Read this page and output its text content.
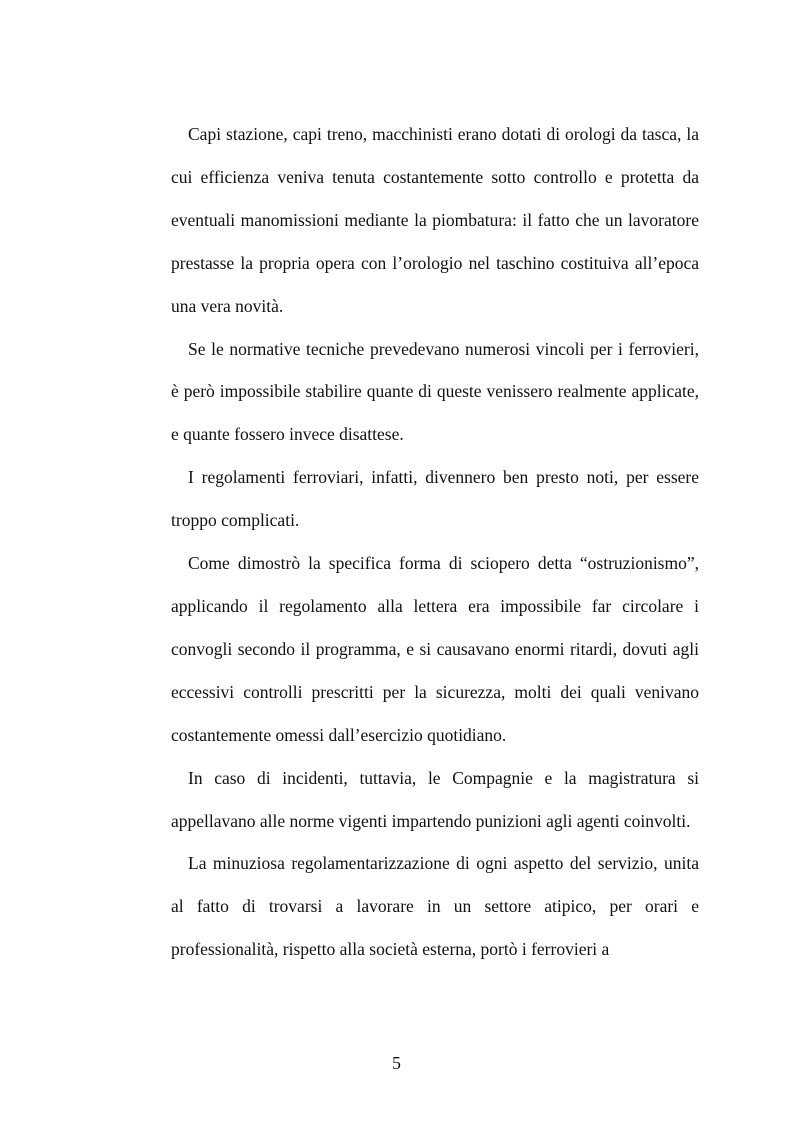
Capi stazione, capi treno, macchinisti erano dotati di orologi da tasca, la cui efficienza veniva tenuta costantemente sotto controllo e protetta da eventuali manomissioni mediante la piombatura: il fatto che un lavoratore prestasse la propria opera con l’orologio nel taschino costituiva all’epoca una vera novità.

Se le normative tecniche prevedevano numerosi vincoli per i ferrovieri, è però impossibile stabilire quante di queste venissero realmente applicate, e quante fossero invece disattese.

I regolamenti ferroviari, infatti, divennero ben presto noti, per essere troppo complicati.

Come dimostrò la specifica forma di sciopero detta “ostruzionismo”, applicando il regolamento alla lettera era impossibile far circolare i convogli secondo il programma, e si causavano enormi ritardi, dovuti agli eccessivi controlli prescritti per la sicurezza, molti dei quali venivano costantemente omessi dall’esercizio quotidiano.

In caso di incidenti, tuttavia, le Compagnie e la magistratura si appellavano alle norme vigenti impartendo punizioni agli agenti coinvolti.

La minuziosa regolamentarizzazione di ogni aspetto del servizio, unita al fatto di trovarsi a lavorare in un settore atipico, per orari e professionalità, rispetto alla società esterna, portò i ferrovieri a

5
